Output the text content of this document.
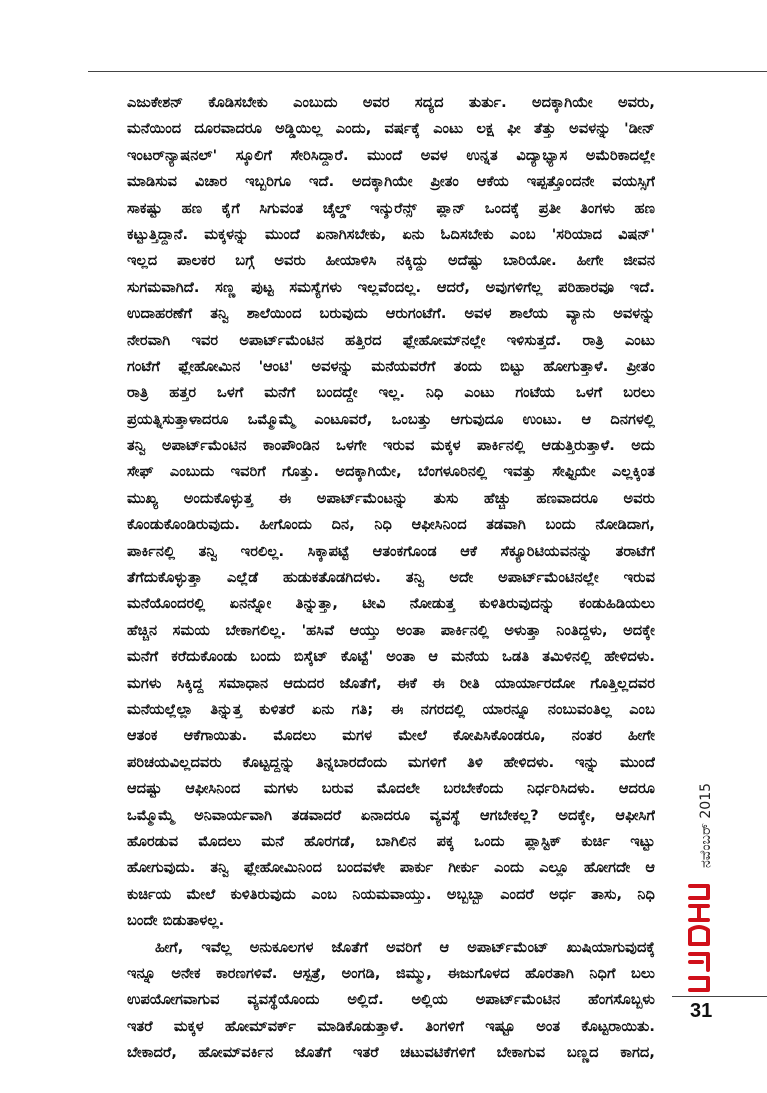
ಎಜುಕೇಶನ್ ಕೊಡಿಸಬೇಕು ಎಂಬುದು ಅವರ ಸದ್ಯದ ತುರ್ತು. ಅದಕ್ಕಾಗಿಯೇ ಅವರು,
ಮನೆಯಿಂದ ದೂರವಾದರೂ ಅಡ್ಡಿಯಿಲ್ಲ ಎಂದು, ವರ್ಷಕ್ಕೆ ಎಂಟು ಲಕ್ಷ ಫೀ ತೆತ್ತು ಅವಳನ್ನು 'ಡೀನ್
ಇಂಟರ್‌ನ್ಯಾಷನಲ್' ಸ್ಕೂಲಿಗೆ ಸೇರಿಸಿದ್ದಾರೆ. ಮುಂದೆ ಅವಳ ಉನ್ನತ ವಿದ್ಯಾಭ್ಯಾಸ ಅಮೆರಿಕಾದಲ್ಲೇ
ಮಾಡಿಸುವ ವಿಚಾರ ಇಬ್ಬರಿಗೂ ಇದೆ. ಅದಕ್ಕಾಗಿಯೇ ಪ್ರೀತಂ ಆಕೆಯ ಇಪ್ಪತ್ತೊಂದನೇ ವಯಸ್ಸಿಗೆ
ಸಾಕಷ್ಟು ಹಣ ಕೈಗೆ ಸಿಗುವಂತ ಚೈಲ್ಡ್ ಇನ್ಶುರೆನ್ಸ್ ಪ್ಲಾನ್ ಒಂದಕ್ಕೆ ಪ್ರತೀ ತಿಂಗಳು ಹಣ
ಕಟ್ಟುತ್ತಿದ್ದಾನೆ. ಮಕ್ಕಳನ್ನು ಮುಂದೆ ಏನಾಗಿಸಬೇಕು, ಏನು ಓದಿಸಬೇಕು ಎಂಬ 'ಸರಿಯಾದ ವಿಷನ್'
ಇಲ್ಲದ ಪಾಲಕರ ಬಗ್ಗೆ ಅವರು ಹೀಯಾಳಿಸಿ ನಕ್ಕಿದ್ದು ಅದೆಷ್ಟು ಬಾರಿಯೋ. ಹೀಗೇ ಜೀವನ
ಸುಗಮವಾಗಿದೆ. ಸಣ್ಣ ಪುಟ್ಟ ಸಮಸ್ಯೆಗಳು ಇಲ್ಲವೆಂದಲ್ಲ. ಆದರೆ, ಅವುಗಳಿಗೆಲ್ಲ ಪರಿಹಾರವೂ ಇದೆ.
ಉದಾಹರಣೆಗೆ ತನ್ವಿ ಶಾಲೆಯಿಂದ ಬರುವುದು ಆರುಗಂಟೆಗೆ. ಅವಳ ಶಾಲೆಯ ವ್ಯಾನು ಅವಳನ್ನು
ನೇರವಾಗಿ ಇವರ ಅಪಾರ್ಟ್‌ಮೆಂಟಿನ ಹತ್ತಿರದ ಫ್ಲೇಹೋಮ್‌ನಲ್ಲೇ ಇಳಿಸುತ್ತದೆ. ರಾತ್ರಿ ಎಂಟು
ಗಂಟೆಗೆ ಫ್ಲೇಹೋಮಿನ 'ಆಂಟಿ' ಅವಳನ್ನು ಮನೆಯವರೆಗೆ ತಂದು ಬಿಟ್ಟು ಹೋಗುತ್ತಾಳೆ. ಪ್ರೀತಂ
ರಾತ್ರಿ ಹತ್ತರ ಒಳಗೆ ಮನೆಗೆ ಬಂದದ್ದೇ ಇಲ್ಲ. ನಿಧಿ ಎಂಟು ಗಂಟೆಯ ಒಳಗೆ ಬರಲು
ಪ್ರಯತ್ನಿಸುತ್ತಾಳಾದರೂ ಒಮ್ಮೊಮ್ಮೆ ಎಂಟೂವರೆ, ಒಂಬತ್ತು ಆಗುವುದೂ ಉಂಟು. ಆ ದಿನಗಳಲ್ಲಿ
ತನ್ವಿ ಅಪಾರ್ಟ್‌ಮೆಂಟಿನ ಕಾಂಪೌಂಡಿನ ಒಳಗೇ ಇರುವ ಮಕ್ಕಳ ಪಾರ್ಕಿನಲ್ಲಿ ಆಡುತ್ತಿರುತ್ತಾಳೆ. ಅದು
ಸೇಫ್ ಎಂಬುದು ಇವರಿಗೆ ಗೊತ್ತು. ಅದಕ್ಕಾಗಿಯೇ, ಬೆಂಗಳೂರಿನಲ್ಲಿ ಇವತ್ತು ಸೇಫ್ಟಿಯೇ ಎಲ್ಲಕ್ಕಿಂತ
ಮುಖ್ಯ ಅಂದುಕೊಳ್ಳುತ್ತ ಈ ಅಪಾರ್ಟ್‌ಮೆಂಟನ್ನು ತುಸು ಹೆಚ್ಚು ಹಣವಾದರೂ ಅವರು
ಕೊಂಡುಕೊಂಡಿರುವುದು. ಹೀಗೊಂದು ದಿನ, ನಿಧಿ ಆಫೀಸಿನಿಂದ ತಡವಾಗಿ ಬಂದು ನೋಡಿದಾಗ,
ಪಾರ್ಕಿನಲ್ಲಿ ತನ್ವಿ ಇರಲಿಲ್ಲ. ಸಿಕ್ಕಾಪಟ್ಟೆ ಆತಂಕಗೊಂಡ ಆಕೆ ಸೆಕ್ಯೂರಿಟಿಯವನನ್ನು ತರಾಟೆಗೆ
ತೆಗೆದುಕೊಳ್ಳುತ್ತಾ ಎಲ್ಲೆಡೆ ಹುಡುಕತೊಡಗಿದಳು. ತನ್ವಿ ಅದೇ ಅಪಾರ್ಟ್‌ಮೆಂಟಿನಲ್ಲೇ ಇರುವ
ಮನೆಯೊಂದರಲ್ಲಿ ಏನನ್ನೋ ತಿನ್ನುತ್ತಾ, ಟೀವಿ ನೋಡುತ್ತ ಕುಳಿತಿರುವುದನ್ನು ಕಂಡುಹಿಡಿಯಲು
ಹೆಚ್ಚಿನ ಸಮಯ ಬೇಕಾಗಲಿಲ್ಲ. 'ಹಸಿವೆ ಆಯ್ತು ಅಂತಾ ಪಾರ್ಕಿನಲ್ಲಿ ಅಳುತ್ತಾ ನಿಂತಿದ್ದಳು, ಅದಕ್ಕೇ
ಮನೆಗೆ ಕರೆದುಕೊಂಡು ಬಂದು ಬಿಸ್ಕೆಟ್ ಕೊಟ್ಟೆ' ಅಂತಾ ಆ ಮನೆಯ ಒಡತಿ ತಮಿಳಿನಲ್ಲಿ ಹೇಳಿದಳು.
ಮಗಳು ಸಿಕ್ಕಿದ್ದ ಸಮಾಧಾನ ಆದುದರ ಜೊತೆಗೆ, ಈಕೆ ಈ ರೀತಿ ಯಾರ್ಯಾರದೋ ಗೊತ್ತಿಲ್ಲದವರ
ಮನೆಯಲ್ಲೆಲ್ಲಾ ತಿನ್ನುತ್ತ ಕುಳಿತರೆ ಏನು ಗತಿ; ಈ ನಗರದಲ್ಲಿ ಯಾರನ್ನೂ ನಂಬುವಂತಿಲ್ಲ ಎಂಬ
ಆತಂಕ ಆಕೆಗಾಯಿತು. ಮೊದಲು ಮಗಳ ಮೇಲೆ ಕೋಪಿಸಿಕೊಂಡರೂ, ನಂತರ ಹೀಗೇ
ಪರಿಚಯವಿಲ್ಲದವರು ಕೊಟ್ಟದ್ದನ್ನು ತಿನ್ನಬಾರದೆಂದು ಮಗಳಿಗೆ ತಿಳಿ ಹೇಳಿದಳು. ಇನ್ನು ಮುಂದೆ
ಆದಷ್ಟು ಆಫೀಸಿನಿಂದ ಮಗಳು ಬರುವ ಮೊದಲೇ ಬರಬೇಕೆಂದು ನಿರ್ಧರಿಸಿದಳು. ಆದರೂ
ಒಮ್ಮೊಮ್ಮೆ ಅನಿವಾರ್ಯವಾಗಿ ತಡವಾದರೆ ಏನಾದರೂ ವ್ಯವಸ್ಥೆ ಆಗಬೇಕಲ್ಲ? ಅದಕ್ಕೇ, ಆಫೀಸಿಗೆ
ಹೊರಡುವ ಮೊದಲು ಮನೆ ಹೊರಗಡೆ, ಬಾಗಿಲಿನ ಪಕ್ಕ ಒಂದು ಪ್ಲಾಸ್ಟಿಕ್ ಕುರ್ಚಿ ಇಟ್ಟು
ಹೋಗುವುದು. ತನ್ವಿ ಫ್ಲೇಹೋಮಿನಿಂದ ಬಂದವಳೇ ಪಾರ್ಕು ಗೀರ್ಕು ಎಂದು ಎಲ್ಲೂ ಹೋಗದೇ ಆ
ಕುರ್ಚಿಯ ಮೇಲೆ ಕುಳಿತಿರುವುದು ಎಂಬ ನಿಯಮವಾಯ್ತು. ಅಬ್ಬಬ್ಬಾ ಎಂದರೆ ಅರ್ಧ ತಾಸು, ನಿಧಿ
ಬಂದೇ ಬಿಡುತಾಳಲ್ಲ.
ಹೀಗೆ, ಇವೆಲ್ಲ ಅನುಕೂಲಗಳ ಜೊತೆಗೆ ಅವರಿಗೆ ಆ ಅಪಾರ್ಟ್‌ಮೆಂಟ್ ಖುಷಿಯಾಗುವುದಕ್ಕೆ
ಇನ್ನೂ ಅನೇಕ ಕಾರಣಗಳಿವೆ. ಆಸ್ಪತ್ರೆ, ಅಂಗಡಿ, ಜಿಮ್ಮು, ಈಜುಗೊಳದ ಹೊರತಾಗಿ ನಿಧಿಗೆ ಬಲು
ಉಪಯೋಗವಾಗುವ ವ್ಯವಸ್ಥೆಯೊಂದು ಅಲ್ಲಿದೆ. ಅಲ್ಲಿಯ ಅಪಾರ್ಟ್‌ಮೆಂಟಿನ ಹೆಂಗಸೊಬ್ಬಳು
ಇತರೆ ಮಕ್ಕಳ ಹೋಮ್‌ವರ್ಕ್ ಮಾಡಿಕೊಡುತ್ತಾಳೆ. ತಿಂಗಳಿಗೆ ಇಷ್ಟೂ ಅಂತ ಕೊಟ್ಟರಾಯಿತು.
ಬೇಕಾದರೆ, ಹೋಮ್‌ವರ್ಕಿನ ಜೊತೆಗೆ ಇತರೆ ಚಟುವಟಿಕೆಗಳಿಗೆ ಬೇಕಾಗುವ ಬಣ್ಣದ ಕಾಗದ,
ನವೆಂಬರ್ 2015
31
